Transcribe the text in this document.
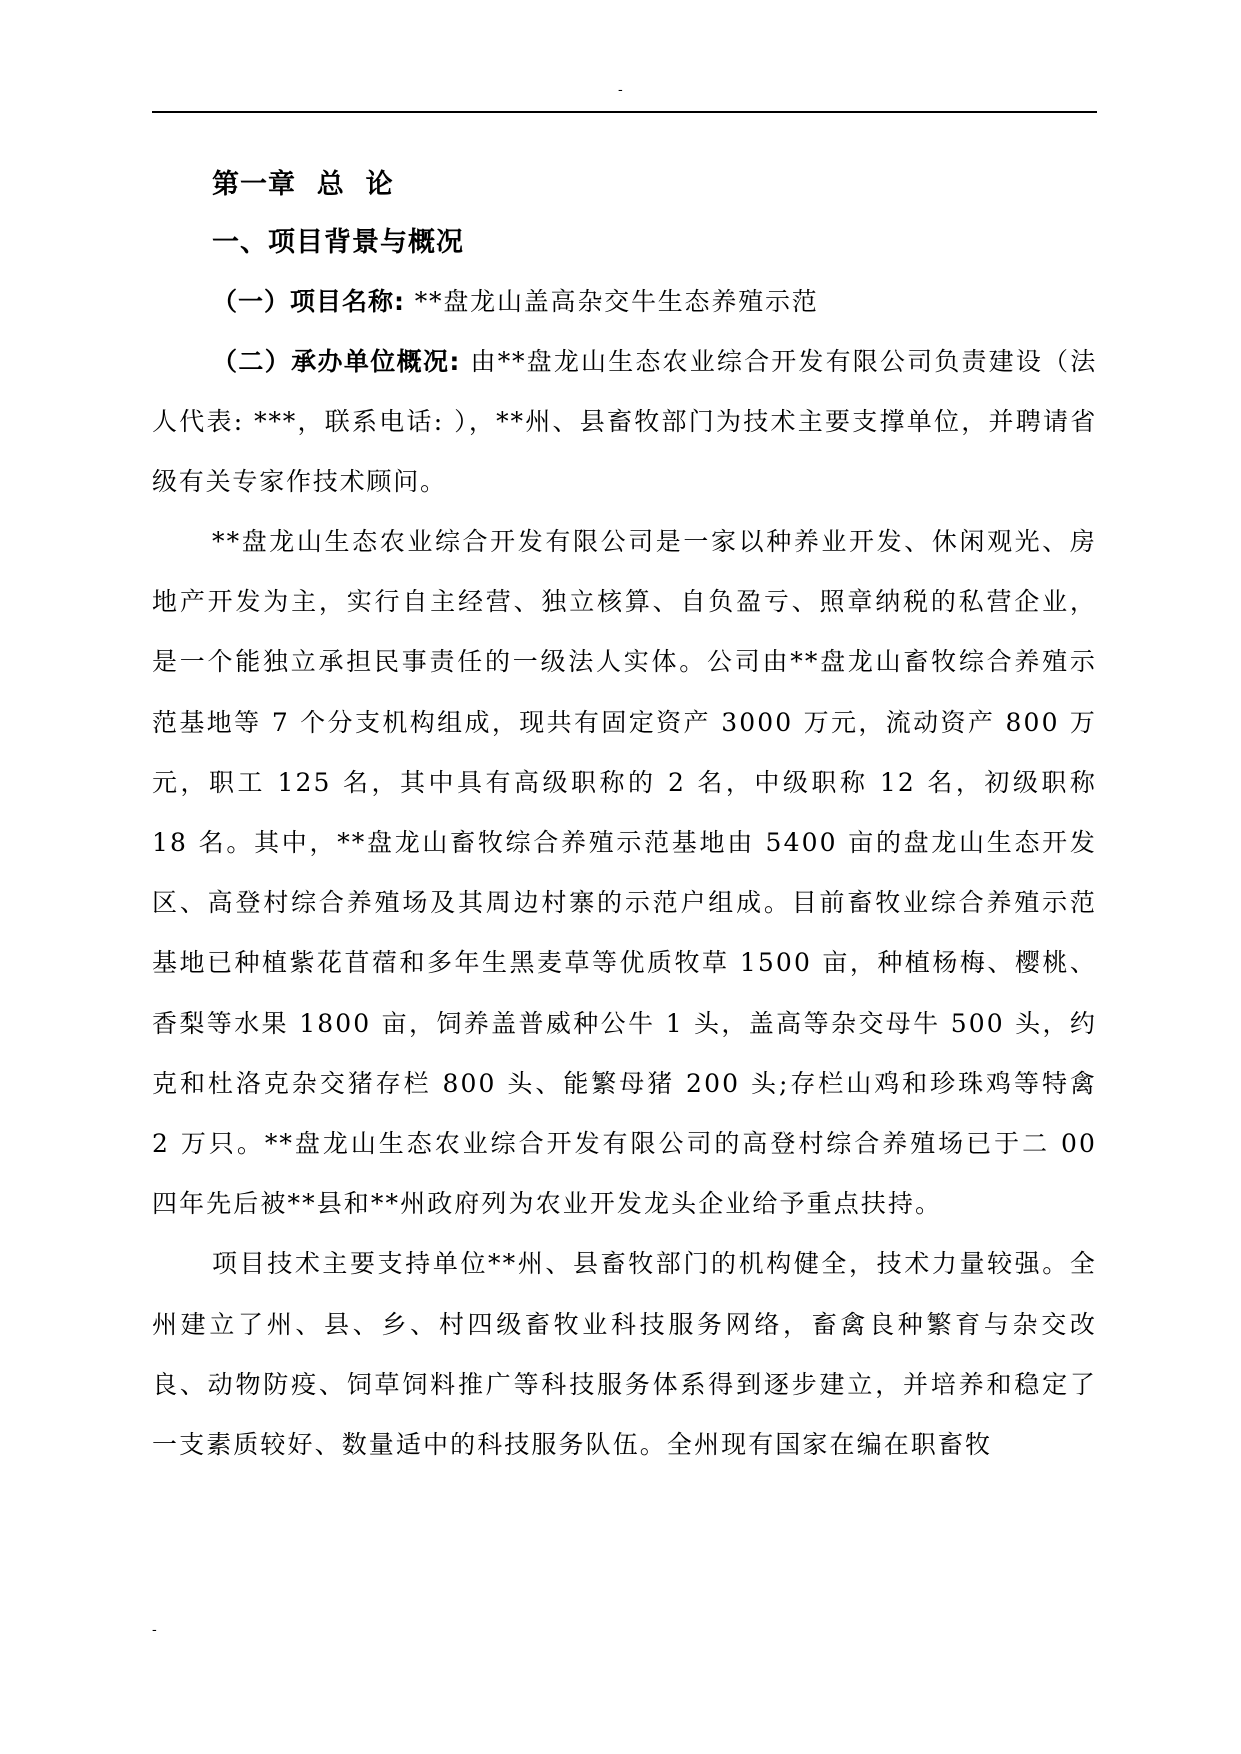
-
第一章  总  论
一、项目背景与概况

（一）项目名称: **盘龙山盖高杂交牛生态养殖示范

（二）承办单位概况: 由**盘龙山生态农业综合开发有限公司负责建设（法人代表: ***，联系电话: ），**州、县畜牧部门为技术主要支撑单位，并聘请省级有关专家作技术顾问。

**盘龙山生态农业综合开发有限公司是一家以种养业开发、休闲观光、房地产开发为主，实行自主经营、独立核算、自负盈亏、照章纳税的私营企业，是一个能独立承担民事责任的一级法人实体。公司由**盘龙山畜牧综合养殖示范基地等 7 个分支机构组成，现共有固定资产 3000 万元，流动资产 800 万元，职工 125 名，其中具有高级职称的 2 名，中级职称 12 名，初级职称 18 名。其中，**盘龙山畜牧综合养殖示范基地由 5400 亩的盘龙山生态开发区、高登村综合养殖场及其周边村寨的示范户组成。目前畜牧业综合养殖示范基地已种植紫花苜蓿和多年生黑麦草等优质牧草 1500 亩，种植杨梅、樱桃、香梨等水果 1800 亩，饲养盖普威种公牛 1 头，盖高等杂交母牛 500 头，约克和杜洛克杂交猪存栏 800 头、能繁母猪 200 头;存栏山鸡和珍珠鸡等特禽 2 万只。**盘龙山生态农业综合开发有限公司的高登村综合养殖场已于二 00 四年先后被**县和**州政府列为农业开发龙头企业给予重点扶持。

项目技术主要支持单位**州、县畜牧部门的机构健全，技术力量较强。全州建立了州、县、乡、村四级畜牧业科技服务网络，畜禽良种繁育与杂交改良、动物防疫、饲草饲料推广等科技服务体系得到逐步建立，并培养和稳定了一支素质较好、数量适中的科技服务队伍。全州现有国家在编在职畜牧

-
